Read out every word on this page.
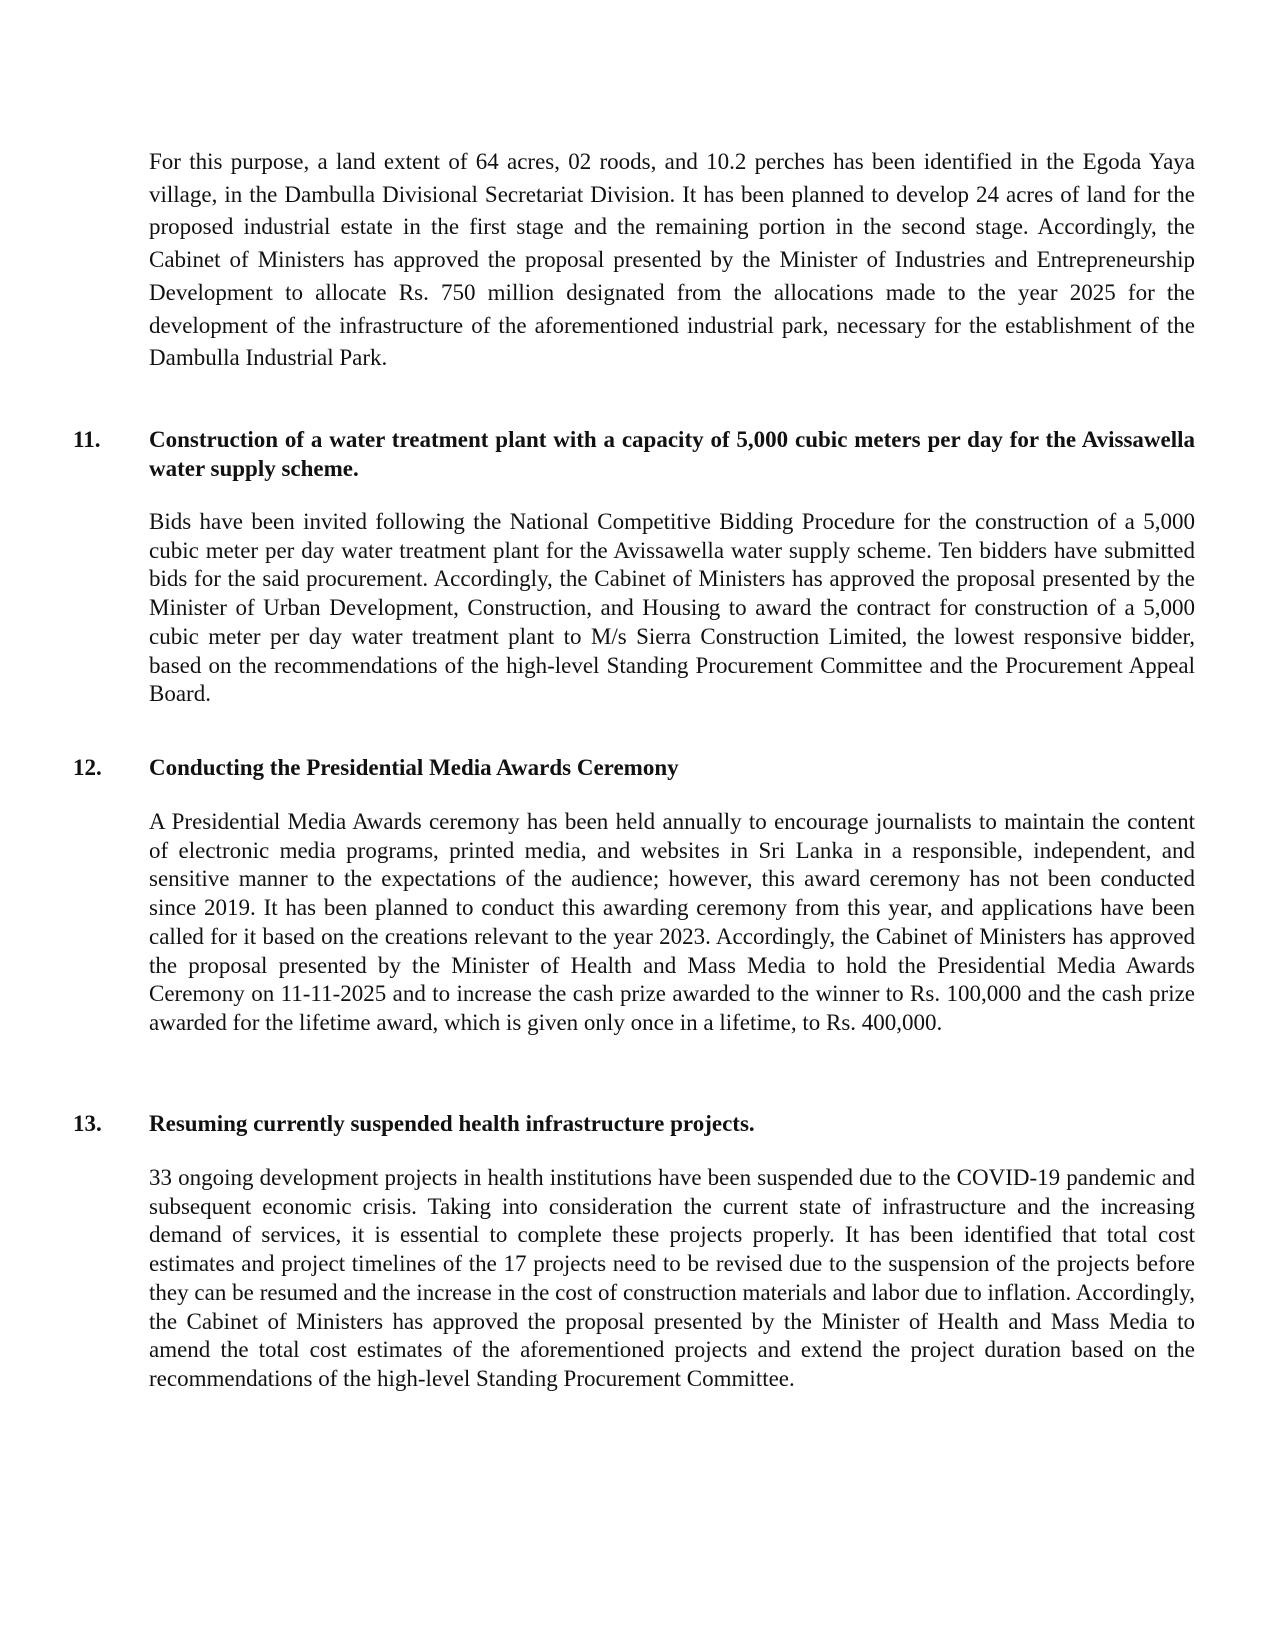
For this purpose, a land extent of 64 acres, 02 roods, and 10.2 perches has been identified in the Egoda Yaya village, in the Dambulla Divisional Secretariat Division. It has been planned to develop 24 acres of land for the proposed industrial estate in the first stage and the remaining portion in the second stage. Accordingly, the Cabinet of Ministers has approved the proposal presented by the Minister of Industries and Entrepreneurship Development to allocate Rs. 750 million designated from the allocations made to the year 2025 for the development of the infrastructure of the aforementioned industrial park, necessary for the establishment of the Dambulla Industrial Park.

11. Construction of a water treatment plant with a capacity of 5,000 cubic meters per day for the Avissawella water supply scheme.

Bids have been invited following the National Competitive Bidding Procedure for the construction of a 5,000 cubic meter per day water treatment plant for the Avissawella water supply scheme. Ten bidders have submitted bids for the said procurement. Accordingly, the Cabinet of Ministers has approved the proposal presented by the Minister of Urban Development, Construction, and Housing to award the contract for construction of a 5,000 cubic meter per day water treatment plant to M/s Sierra Construction Limited, the lowest responsive bidder, based on the recommendations of the high-level Standing Procurement Committee and the Procurement Appeal Board.

12. Conducting the Presidential Media Awards Ceremony

A Presidential Media Awards ceremony has been held annually to encourage journalists to maintain the content of electronic media programs, printed media, and websites in Sri Lanka in a responsible, independent, and sensitive manner to the expectations of the audience; however, this award ceremony has not been conducted since 2019. It has been planned to conduct this awarding ceremony from this year, and applications have been called for it based on the creations relevant to the year 2023. Accordingly, the Cabinet of Ministers has approved the proposal presented by the Minister of Health and Mass Media to hold the Presidential Media Awards Ceremony on 11-11-2025 and to increase the cash prize awarded to the winner to Rs. 100,000 and the cash prize awarded for the lifetime award, which is given only once in a lifetime, to Rs. 400,000.

13. Resuming currently suspended health infrastructure projects.

33 ongoing development projects in health institutions have been suspended due to the COVID-19 pandemic and subsequent economic crisis. Taking into consideration the current state of infrastructure and the increasing demand of services, it is essential to complete these projects properly. It has been identified that total cost estimates and project timelines of the 17 projects need to be revised due to the suspension of the projects before they can be resumed and the increase in the cost of construction materials and labor due to inflation. Accordingly, the Cabinet of Ministers has approved the proposal presented by the Minister of Health and Mass Media to amend the total cost estimates of the aforementioned projects and extend the project duration based on the recommendations of the high-level Standing Procurement Committee.
